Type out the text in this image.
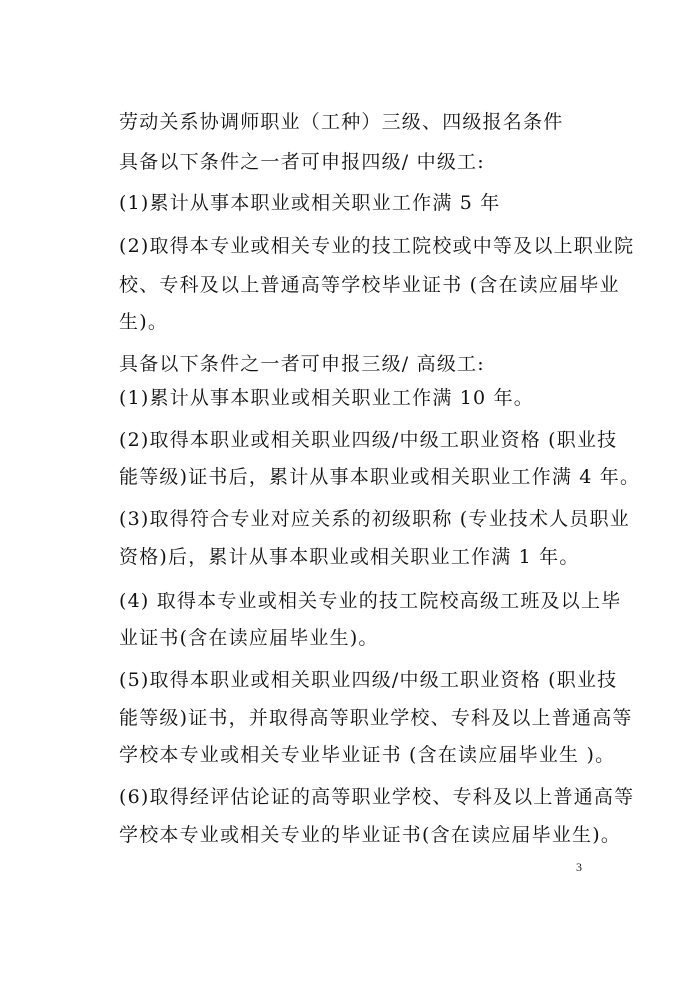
劳动关系协调师职业（工种）三级、四级报名条件
具备以下条件之一者可申报四级/ 中级工:
(1)累计从事本职业或相关职业工作满 5 年
(2)取得本专业或相关专业的技工院校或中等及以上职业院
校、专科及以上普通高等学校毕业证书 (含在读应届毕业
生)。
具备以下条件之一者可申报三级/ 高级工:
(1)累计从事本职业或相关职业工作满 10 年。
(2)取得本职业或相关职业四级/中级工职业资格 (职业技
能等级)证书后，累计从事本职业或相关职业工作满 4 年。
(3)取得符合专业对应关系的初级职称 (专业技术人员职业
资格)后，累计从事本职业或相关职业工作满 1 年。
(4) 取得本专业或相关专业的技工院校高级工班及以上毕
业证书(含在读应届毕业生)。
(5)取得本职业或相关职业四级/中级工职业资格 (职业技
能等级)证书，并取得高等职业学校、专科及以上普通高等
学校本专业或相关专业毕业证书 (含在读应届毕业生 )。
(6)取得经评估论证的高等职业学校、专科及以上普通高等
学校本专业或相关专业的毕业证书(含在读应届毕业生)。
3
